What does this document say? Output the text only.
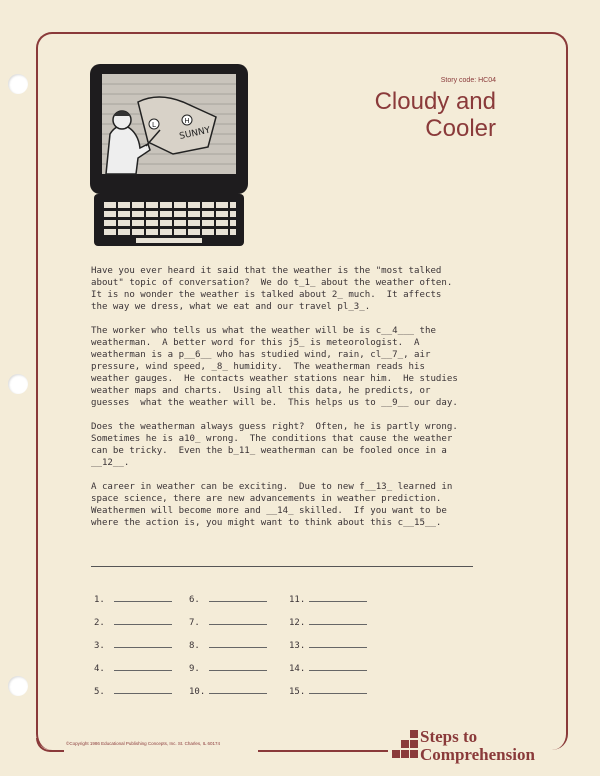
©Copyright 1986 Educational Publishing Concepts, Inc. St. Charles, IL 60174
L	H
SUNNY
Story code: HC04
Cloudy and
Cooler

Have you ever heard it said that the weather is the "most talked
about" topic of conversation?  We do t_1_ about the weather often.
It is no wonder the weather is talked about 2_ much.  It affects
the way we dress, what we eat and our travel pl_3_.

The worker who tells us what the weather will be is c__4___ the
weatherman.  A better word for this j5_ is meteorologist.  A
weatherman is a p__6__ who has studied wind, rain, cl__7_, air
pressure, wind speed, _8_ humidity.  The weatherman reads his
weather gauges.  He contacts weather stations near him.  He studies
weather maps and charts.  Using all this data, he predicts, or
guesses  what the weather will be.  This helps us to __9__ our day.

Does the weatherman always guess right?  Often, he is partly wrong.
Sometimes he is a10_ wrong.  The conditions that cause the weather
can be tricky.  Even the b_11_ weatherman can be fooled once in a
__12__.

A career in weather can be exciting.  Due to new f__13_ learned in
space science, there are new advancements in weather prediction.
Weathermen will become more and __14_ skilled.  If you want to be
where the action is, you might want to think about this c__15__.

1.
2.
3.
4.
5.
6.
7.
8.
9.
10.
11.
12.
13.
14.
15.
Steps to
Comprehension
